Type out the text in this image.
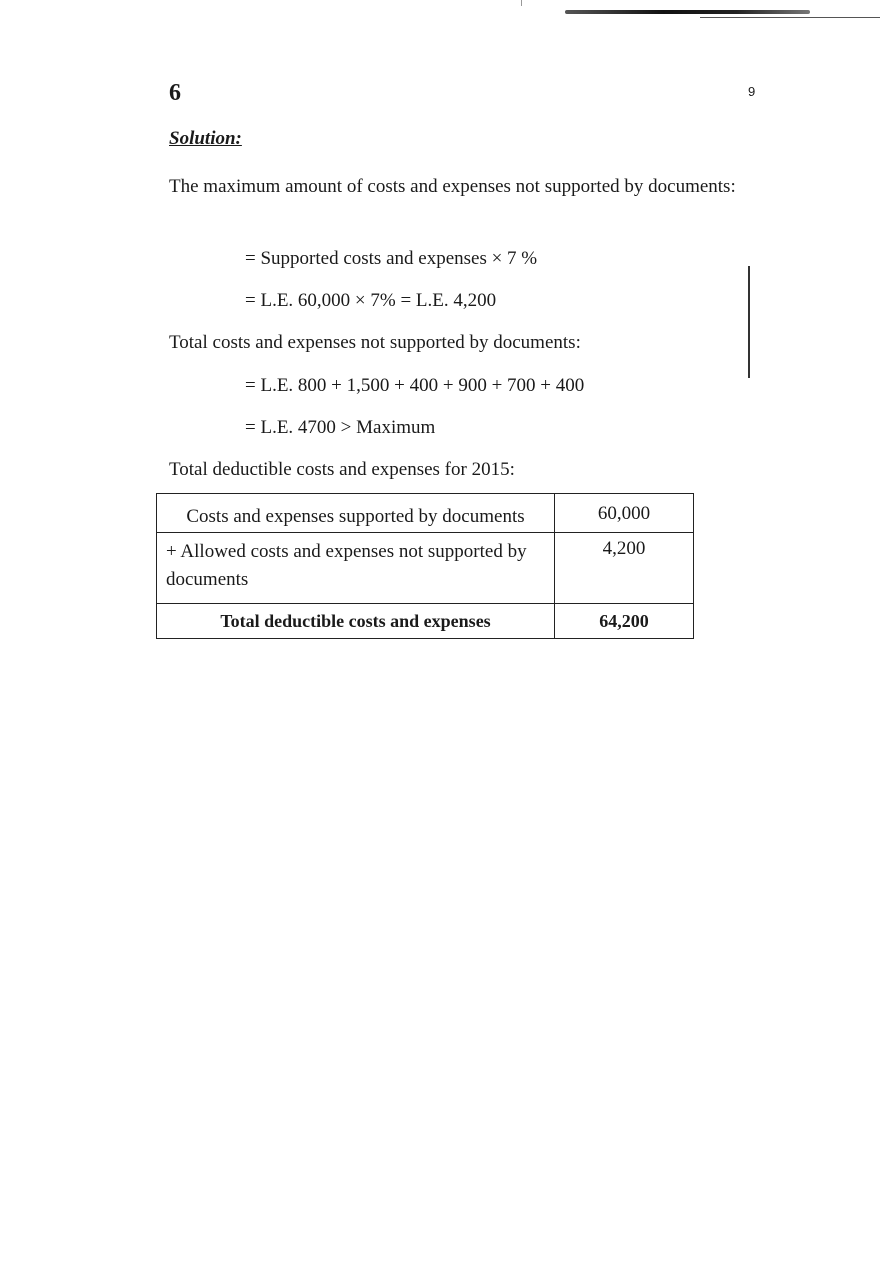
6	9
Solution:
The maximum amount of costs and expenses not supported by documents:
= Supported costs and expenses × 7 %
= L.E. 60,000 × 7% = L.E. 4,200
Total costs and expenses not supported by documents:
= L.E. 800 + 1,500 + 400 + 900 + 700 + 400
= L.E. 4700 > Maximum
Total deductible costs and expenses for 2015:
Costs and expenses supported by documents	60,000

+ Allowed costs and expenses not supported by documents	4,200

Total deductible costs and expenses	64,200
